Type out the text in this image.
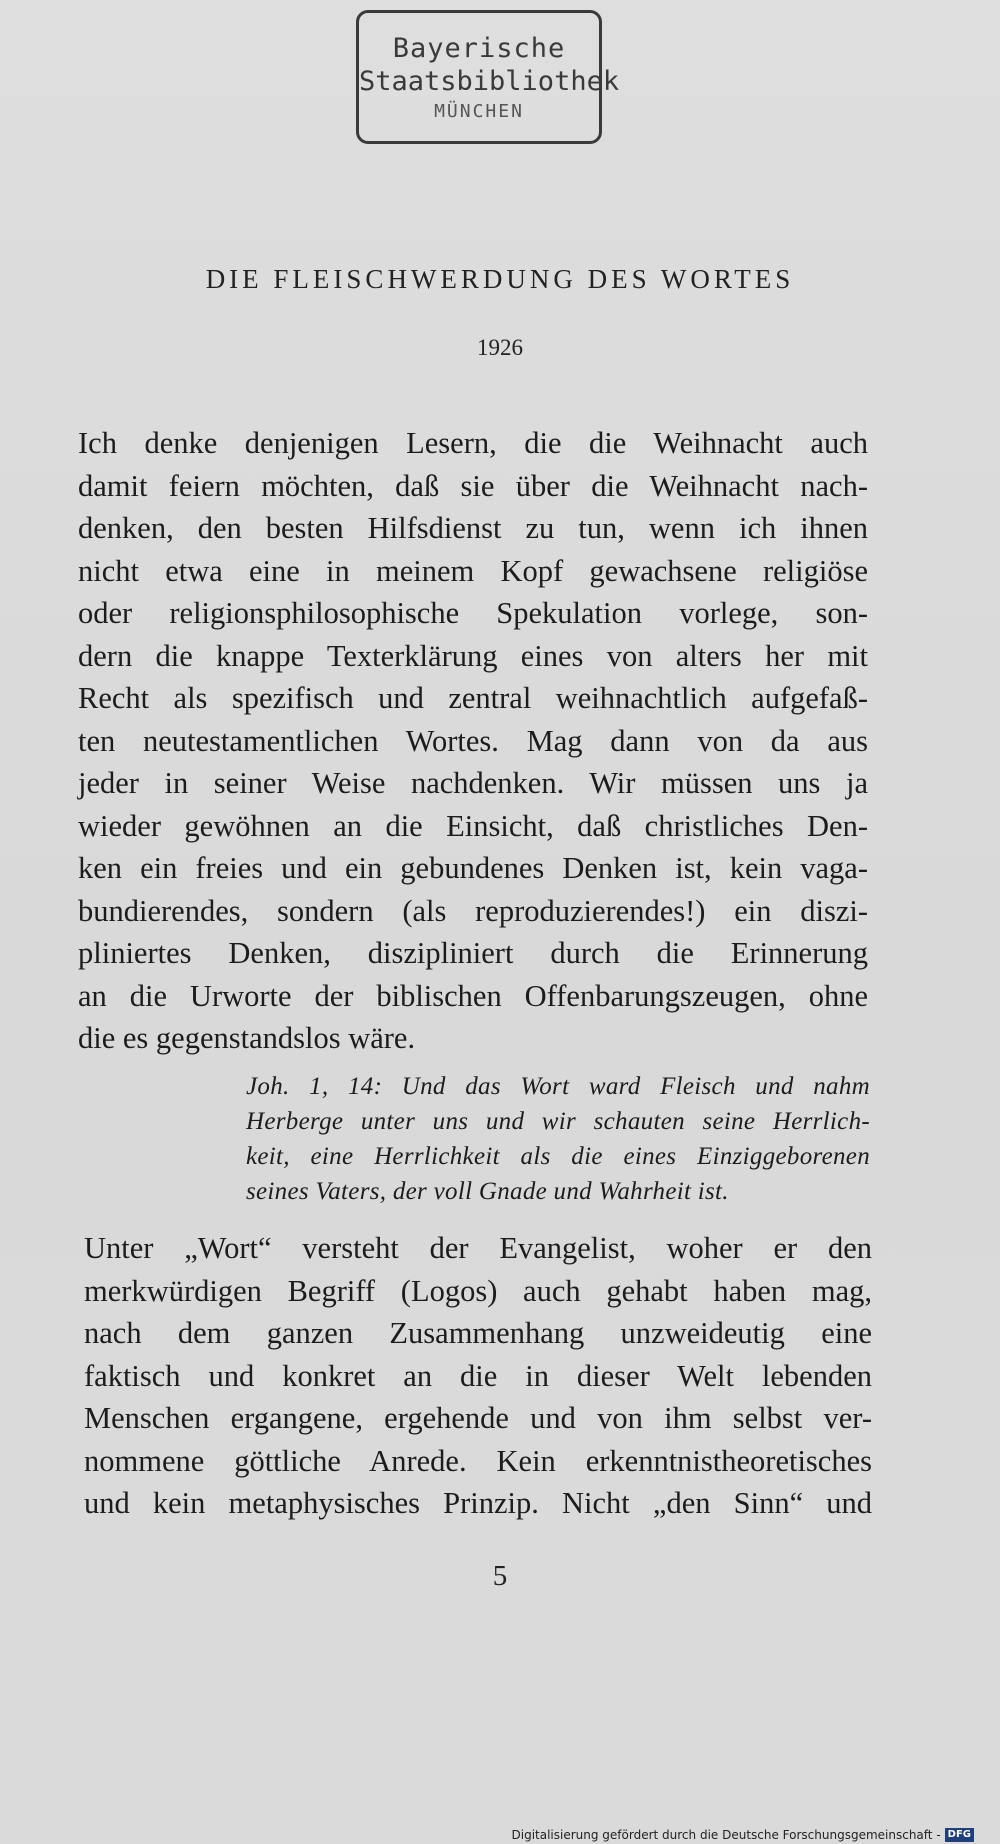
Bayerische
Staatsbibliothek
MÜNCHEN
DIE FLEISCHWERDUNG DES WORTES
1926
Ich denke denjenigen Lesern, die die Weihnacht auch
damit feiern möchten, daß sie über die Weihnacht nach-
denken, den besten Hilfsdienst zu tun, wenn ich ihnen
nicht etwa eine in meinem Kopf gewachsene religiöse
oder religionsphilosophische Spekulation vorlege, son-
dern die knappe Texterklärung eines von alters her mit
Recht als spezifisch und zentral weihnachtlich aufgefaß-
ten neutestamentlichen Wortes. Mag dann von da aus
jeder in seiner Weise nachdenken. Wir müssen uns ja
wieder gewöhnen an die Einsicht, daß christliches Den-
ken ein freies und ein gebundenes Denken ist, kein vaga-
bundierendes, sondern (als reproduzierendes!) ein diszi-
pliniertes Denken, diszipliniert durch die Erinnerung
an die Urworte der biblischen Offenbarungszeugen, ohne
die es gegenstandslos wäre.
Joh. 1, 14: Und das Wort ward Fleisch und nahm
Herberge unter uns und wir schauten seine Herrlich-
keit, eine Herrlichkeit als die eines Einziggeborenen
seines Vaters, der voll Gnade und Wahrheit ist.
Unter „Wort“ versteht der Evangelist, woher er den
merkwürdigen Begriff (Logos) auch gehabt haben mag,
nach dem ganzen Zusammenhang unzweideutig eine
faktisch und konkret an die in dieser Welt lebenden
Menschen ergangene, ergehende und von ihm selbst ver-
nommene göttliche Anrede. Kein erkenntnistheoretisches
und kein metaphysisches Prinzip. Nicht „den Sinn“ und
5
Digitalisierung gefördert durch die Deutsche Forschungsgemeinschaft - DFG
